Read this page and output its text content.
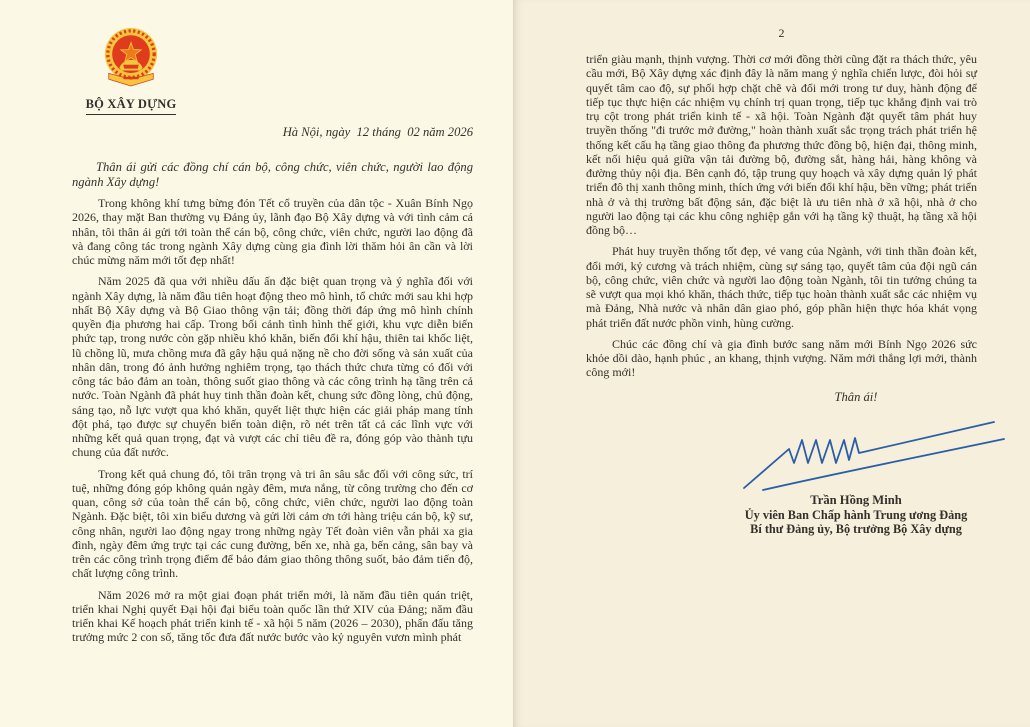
BỘ XÂY DỰNG
Hà Nội, ngày  12 tháng  02 năm 2026
Thân ái gửi các đồng chí cán bộ, công chức, viên chức, người lao động ngành Xây dựng!

Trong không khí tưng bừng đón Tết cổ truyền của dân tộc - Xuân Bính Ngọ 2026, thay mặt Ban thường vụ Đảng ủy, lãnh đạo Bộ Xây dựng và với tình cảm cá nhân, tôi thân ái gửi tới toàn thể cán bộ, công chức, viên chức, người lao động đã và đang công tác trong ngành Xây dựng cùng gia đình lời thăm hỏi ân cần và lời chúc mừng năm mới tốt đẹp nhất!

Năm 2025 đã qua với nhiều dấu ấn đặc biệt quan trọng và ý nghĩa đối với ngành Xây dựng, là năm đầu tiên hoạt động theo mô hình, tổ chức mới sau khi hợp nhất Bộ Xây dựng và Bộ Giao thông vận tải; đồng thời đáp ứng mô hình chính quyền địa phương hai cấp. Trong bối cảnh tình hình thế giới, khu vực diễn biến phức tạp, trong nước còn gặp nhiều khó khăn, biến đổi khí hậu, thiên tai khốc liệt, lũ chồng lũ, mưa chồng mưa đã gây hậu quả nặng nề cho đời sống và sản xuất của nhân dân, trong đó ảnh hưởng nghiêm trọng, tạo thách thức chưa từng có đối với công tác bảo đảm an toàn, thông suốt giao thông và các công trình hạ tầng trên cả nước. Toàn Ngành đã phát huy tinh thần đoàn kết, chung sức đồng lòng, chủ động, sáng tạo, nỗ lực vượt qua khó khăn, quyết liệt thực hiện các giải pháp mang tính đột phá, tạo được sự chuyển biến toàn diện, rõ nét trên tất cả các lĩnh vực với những kết quả quan trọng, đạt và vượt các chỉ tiêu đề ra, đóng góp vào thành tựu chung của đất nước.

Trong kết quả chung đó, tôi trân trọng và tri ân sâu sắc đối với công sức, trí tuệ, những đóng góp không quản ngày đêm, mưa nắng, từ công trường cho đến cơ quan, công sở của toàn thể cán bộ, công chức, viên chức, người lao động toàn Ngành. Đặc biệt, tôi xin biểu dương và gửi lời cảm ơn tới hàng triệu cán bộ, kỹ sư, công nhân, người lao động ngay trong những ngày Tết đoàn viên vẫn phải xa gia đình, ngày đêm ứng trực tại các cung đường, bến xe, nhà ga, bến cảng, sân bay và trên các công trình trọng điểm để bảo đảm giao thông thông suốt, bảo đảm tiến độ, chất lượng công trình.

Năm 2026 mở ra một giai đoạn phát triển mới, là năm đầu tiên quán triệt, triển khai Nghị quyết Đại hội đại biểu toàn quốc lần thứ XIV của Đảng; năm đầu triển khai Kế hoạch phát triển kinh tế - xã hội 5 năm (2026 – 2030), phấn đấu tăng trưởng mức 2 con số, tăng tốc đưa đất nước bước vào kỷ nguyên vươn mình phát

2

triển giàu mạnh, thịnh vượng. Thời cơ mới đồng thời cũng đặt ra thách thức, yêu cầu mới, Bộ Xây dựng xác định đây là năm mang ý nghĩa chiến lược, đòi hỏi sự quyết tâm cao độ, sự phối hợp chặt chẽ và đổi mới trong tư duy, hành động để tiếp tục thực hiện các nhiệm vụ chính trị quan trọng, tiếp tục khẳng định vai trò trụ cột trong phát triển kinh tế - xã hội. Toàn Ngành đặt quyết tâm phát huy truyền thống "đi trước mở đường," hoàn thành xuất sắc trọng trách phát triển hệ thống kết cấu hạ tầng giao thông đa phương thức đồng bộ, hiện đại, thông minh, kết nối hiệu quả giữa vận tải đường bộ, đường sắt, hàng hải, hàng không và đường thủy nội địa. Bên cạnh đó, tập trung quy hoạch và xây dựng quản lý phát triển đô thị xanh thông minh, thích ứng với biến đổi khí hậu, bền vững; phát triển nhà ở và thị trường bất động sản, đặc biệt là ưu tiên nhà ở xã hội, nhà ở cho người lao động tại các khu công nghiệp gắn với hạ tầng kỹ thuật, hạ tầng xã hội đồng bộ…

Phát huy truyền thống tốt đẹp, vẻ vang của Ngành, với tinh thần đoàn kết, đổi mới, kỷ cương và trách nhiệm, cùng sự sáng tạo, quyết tâm của đội ngũ cán bộ, công chức, viên chức và người lao động toàn Ngành, tôi tin tưởng chúng ta sẽ vượt qua mọi khó khăn, thách thức, tiếp tục hoàn thành xuất sắc các nhiệm vụ mà Đảng, Nhà nước và nhân dân giao phó, góp phần hiện thực hóa khát vọng phát triển đất nước phồn vinh, hùng cường.

Chúc các đồng chí và gia đình bước sang năm mới Bính Ngọ 2026 sức khỏe dồi dào, hạnh phúc , an khang, thịnh vượng. Năm mới thắng lợi mới, thành công mới!

Thân ái!
Trần Hồng Minh
Ủy viên Ban Chấp hành Trung ương Đảng
Bí thư Đảng ủy, Bộ trưởng Bộ Xây dựng
